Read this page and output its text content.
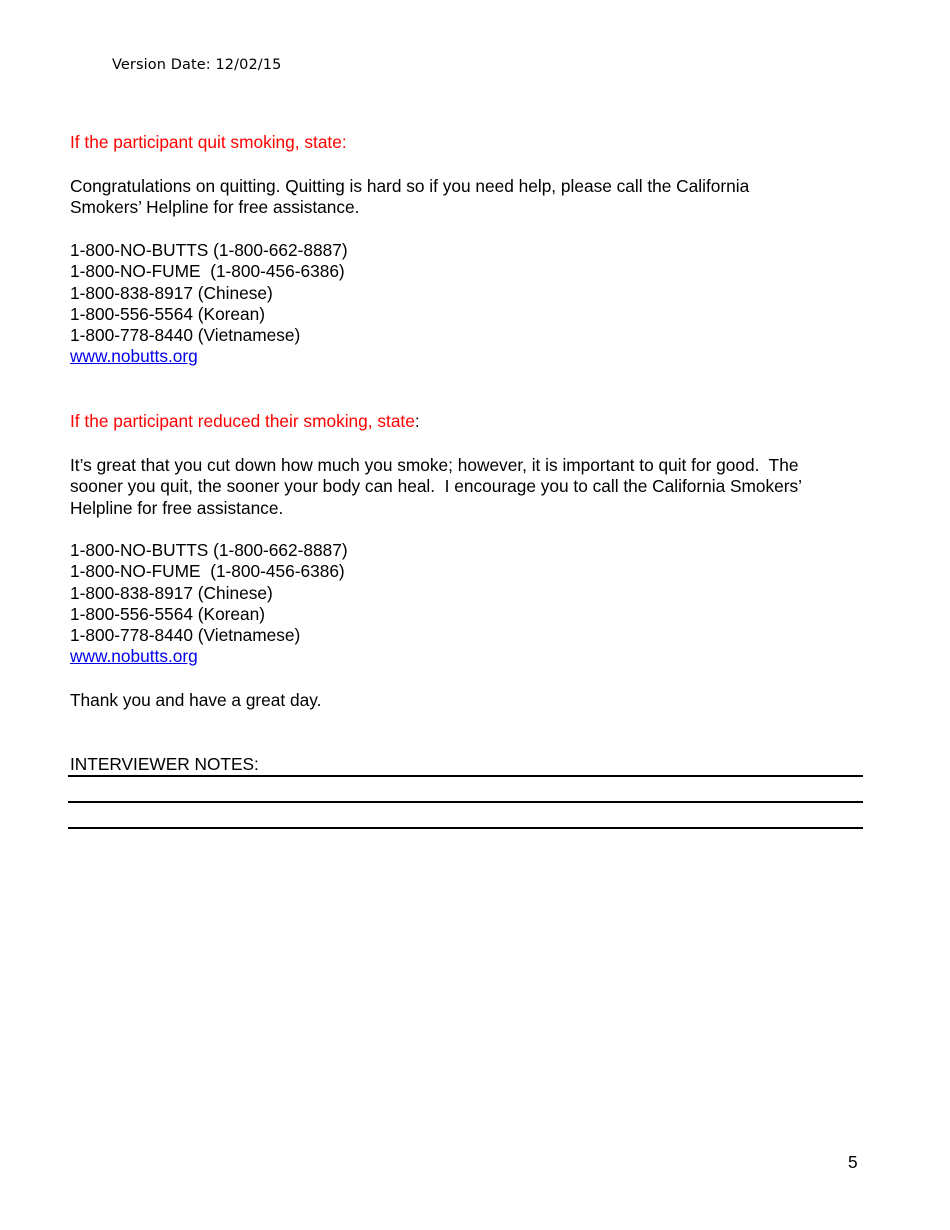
Version Date: 12/02/15
If the participant quit smoking, state:
Congratulations on quitting. Quitting is hard so if you need help, please call the California
Smokers’ Helpline for free assistance.
1-800-NO-BUTTS (1-800-662-8887)
1-800-NO-FUME  (1-800-456-6386)
1-800-838-8917 (Chinese)
1-800-556-5564 (Korean)
1-800-778-8440 (Vietnamese)
www.nobutts.org
If the participant reduced their smoking, state:
It’s great that you cut down how much you smoke; however, it is important to quit for good.  The
sooner you quit, the sooner your body can heal.  I encourage you to call the California Smokers’
Helpline for free assistance.
1-800-NO-BUTTS (1-800-662-8887)
1-800-NO-FUME  (1-800-456-6386)
1-800-838-8917 (Chinese)
1-800-556-5564 (Korean)
1-800-778-8440 (Vietnamese)
www.nobutts.org
Thank you and have a great day.
INTERVIEWER NOTES:
5
